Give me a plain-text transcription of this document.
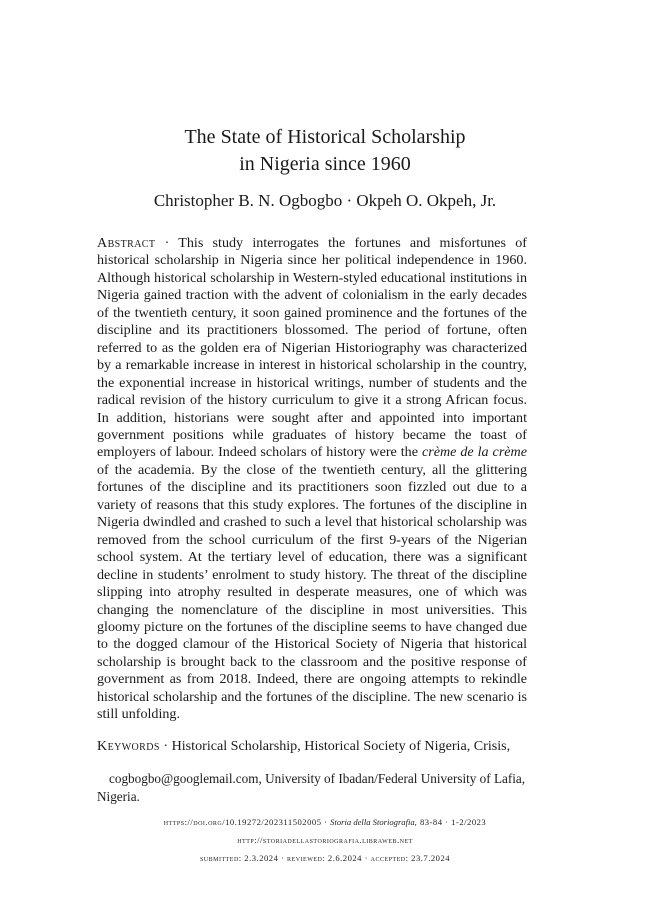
The State of Historical Scholarship
in Nigeria since 1960
Christopher B. N. Ogbogbo · Okpeh O. Okpeh, Jr.

Abstract · This study interrogates the fortunes and misfortunes of historical scholarship in Nigeria since her political independence in 1960. Although historical scholarship in Western-styled educational institutions in Nigeria gained traction with the advent of colonialism in the early decades of the twentieth century, it soon gained prominence and the fortunes of the discipline and its practitioners blossomed. The period of fortune, often referred to as the golden era of Nigerian Historiography was characterized by a remarkable increase in interest in historical scholarship in the country, the exponential increase in historical writings, number of students and the radical revision of the history curriculum to give it a strong African focus. In addition, historians were sought after and appointed into important government positions while graduates of history became the toast of employers of labour. Indeed scholars of history were the crème de la crème of the academia. By the close of the twentieth century, all the glittering fortunes of the discipline and its practitioners soon fizzled out due to a variety of reasons that this study explores. The fortunes of the discipline in Nigeria dwindled and crashed to such a level that historical scholarship was removed from the school curriculum of the first 9-years of the Nigerian school system. At the tertiary level of education, there was a significant decline in students’ enrolment to study history. The threat of the discipline slipping into atrophy resulted in desperate measures, one of which was changing the nomenclature of the discipline in most universities. This gloomy picture on the fortunes of the discipline seems to have changed due to the dogged clamour of the Historical Society of Nigeria that historical scholarship is brought back to the classroom and the positive response of government as from 2018. Indeed, there are ongoing attempts to rekindle historical scholarship and the fortunes of the discipline. The new scenario is still unfolding.

Keywords · Historical Scholarship, Historical Society of Nigeria, Crisis,
cogbogbo@googlemail.com, University of Ibadan/Federal University of Lafia, Nigeria.
https://doi.org/10.19272/202311502005 · Storia della Storiografia, 83-84 · 1-2/2023
http://storiadellastoriografia.libraweb.net
submitted: 2.3.2024 · reviewed: 2.6.2024 · accepted: 23.7.2024
